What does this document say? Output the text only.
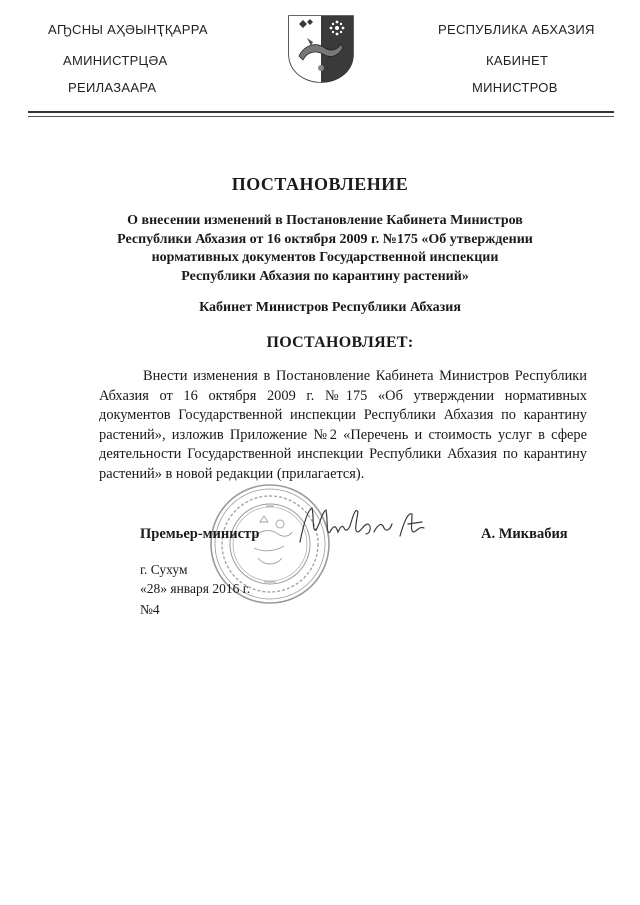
АҦСНЫ АҲӘЫНҬҚАРРА
АМИНИСТРЦӘА
РЕИЛАЗААРА
РЕСПУБЛИКА АБХАЗИЯ
КАБИНЕТ
МИНИСТРОВ
ПОСТАНОВЛЕНИЕ
О внесении изменений в Постановление Кабинета Министров
Республики Абхазия от 16 октября 2009 г. №175 «Об утверждении
нормативных документов Государственной инспекции
Республики Абхазия по карантину растений»
Кабинет Министров Республики Абхазия
ПОСТАНОВЛЯЕТ:
Внести изменения в Постановление Кабинета Министров Республики Абхазия от 16 октября 2009 г. №175 «Об утверждении нормативных документов Государственной инспекции Республики Абхазия по карантину растений», изложив Приложение №2 «Перечень и стоимость услуг в сфере деятельности Государственной инспекции Республики Абхазия по карантину растений» в новой редакции (прилагается).
Премьер-министр	А. Миквабия
г. Сухум
«28» января 2016 г.
№4
